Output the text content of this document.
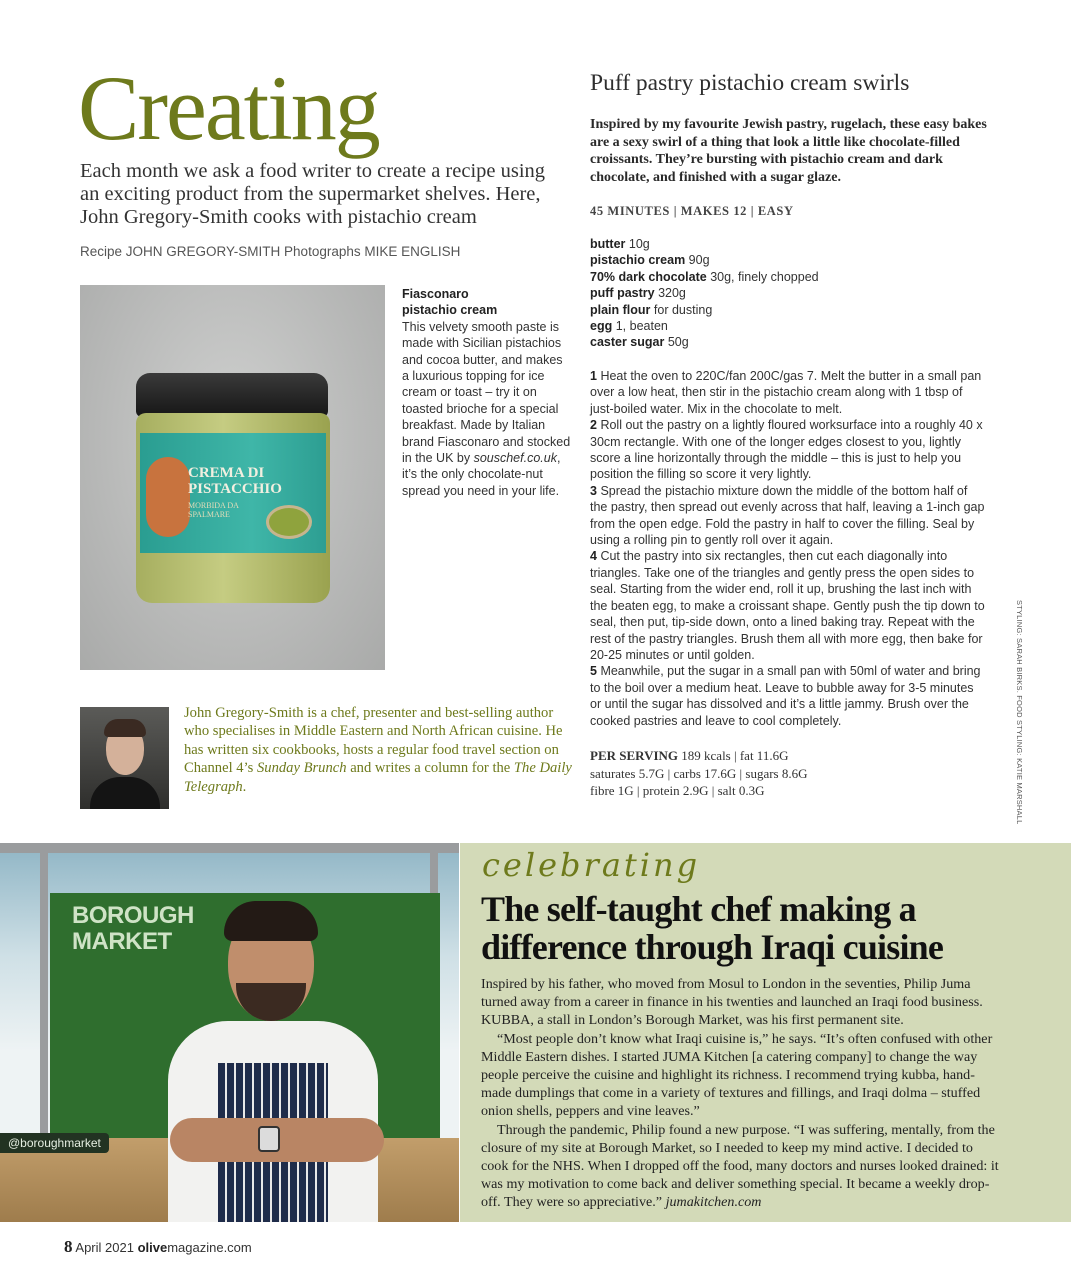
Creating
Each month we ask a food writer to create a recipe using an exciting product from the supermarket shelves. Here, John Gregory-Smith cooks with pistachio cream
Recipe JOHN GREGORY-SMITH Photographs MIKE ENGLISH
CREMA DI PISTACCHIO
MORBIDA DA SPALMARE
Fiasconaro
pistachio cream
This velvety smooth paste is made with Sicilian pistachios and cocoa butter, and makes a luxurious topping for ice cream or toast – try it on toasted brioche for a special breakfast. Made by Italian brand Fiasconaro and stocked in the UK by souschef.co.uk, it’s the only chocolate-nut spread you need in your life.
John Gregory-Smith is a chef, presenter and best-selling author who specialises in Middle Eastern and North African cuisine. He has written six cookbooks, hosts a regular food travel section on Channel 4’s Sunday Brunch and writes a column for the The Daily Telegraph.
Puff pastry pistachio cream swirls
Inspired by my favourite Jewish pastry, rugelach, these easy bakes are a sexy swirl of a thing that look a little like chocolate-filled croissants. They’re bursting with pistachio cream and dark chocolate, and finished with a sugar glaze.
45 MINUTES | MAKES 12 | EASY
butter 10g
pistachio cream 90g
70% dark chocolate 30g, finely chopped
puff pastry 320g
plain flour for dusting
egg 1, beaten
caster sugar 50g
1 Heat the oven to 220C/fan 200C/gas 7. Melt the butter in a small pan over a low heat, then stir in the pistachio cream along with 1 tbsp of just-boiled water. Mix in the chocolate to melt.
2 Roll out the pastry on a lightly floured worksurface into a roughly 40 x 30cm rectangle. With one of the longer edges closest to you, lightly score a line horizontally through the middle – this is just to help you position the filling so score it very lightly.
3 Spread the pistachio mixture down the middle of the bottom half of the pastry, then spread out evenly across that half, leaving a 1-inch gap from the open edge. Fold the pastry in half to cover the filling. Seal by using a rolling pin to gently roll over it again.
4 Cut the pastry into six rectangles, then cut each diagonally into triangles. Take one of the triangles and gently press the open sides to seal. Starting from the wider end, roll it up, brushing the last inch with the beaten egg, to make a croissant shape. Gently push the tip down to seal, then put, tip-side down, onto a lined baking tray. Repeat with the rest of the pastry triangles. Brush them all with more egg, then bake for 20-25 minutes or until golden.
5 Meanwhile, put the sugar in a small pan with 50ml of water and bring to the boil over a medium heat. Leave to bubble away for 3-5 minutes or until the sugar has dissolved and it’s a little jammy. Brush over the cooked pastries and leave to cool completely.
PER SERVING 189 kcals | fat 11.6G
saturates 5.7G | carbs 17.6G | sugars 8.6G
fibre 1G | protein 2.9G | salt 0.3G	STYLING: SARAH BIRKS. FOOD STYLING: KATIE MARSHALL
BOROUGH MARKET
@boroughmarket
celebrating
The self-taught chef making a difference through Iraqi cuisine

Inspired by his father, who moved from Mosul to London in the seventies, Philip Juma turned away from a career in finance in his twenties and launched an Iraqi food business. KUBBA, a stall in London’s Borough Market, was his first permanent site.

“Most people don’t know what Iraqi cuisine is,” he says. “It’s often confused with other Middle Eastern dishes. I started JUMA Kitchen [a catering company] to change the way people perceive the cuisine and highlight its richness. I recommend trying kubba, hand-made dumplings that come in a variety of textures and fillings, and Iraqi dolma – stuffed onion shells, peppers and vine leaves.”

Through the pandemic, Philip found a new purpose. “I was suffering, mentally, from the closure of my site at Borough Market, so I needed to keep my mind active. I decided to cook for the NHS. When I dropped off the food, many doctors and nurses looked drained: it was my motivation to come back and deliver something special. It became a weekly drop-off. They were so appreciative.” jumakitchen.com

8 April 2021 olivemagazine.com
